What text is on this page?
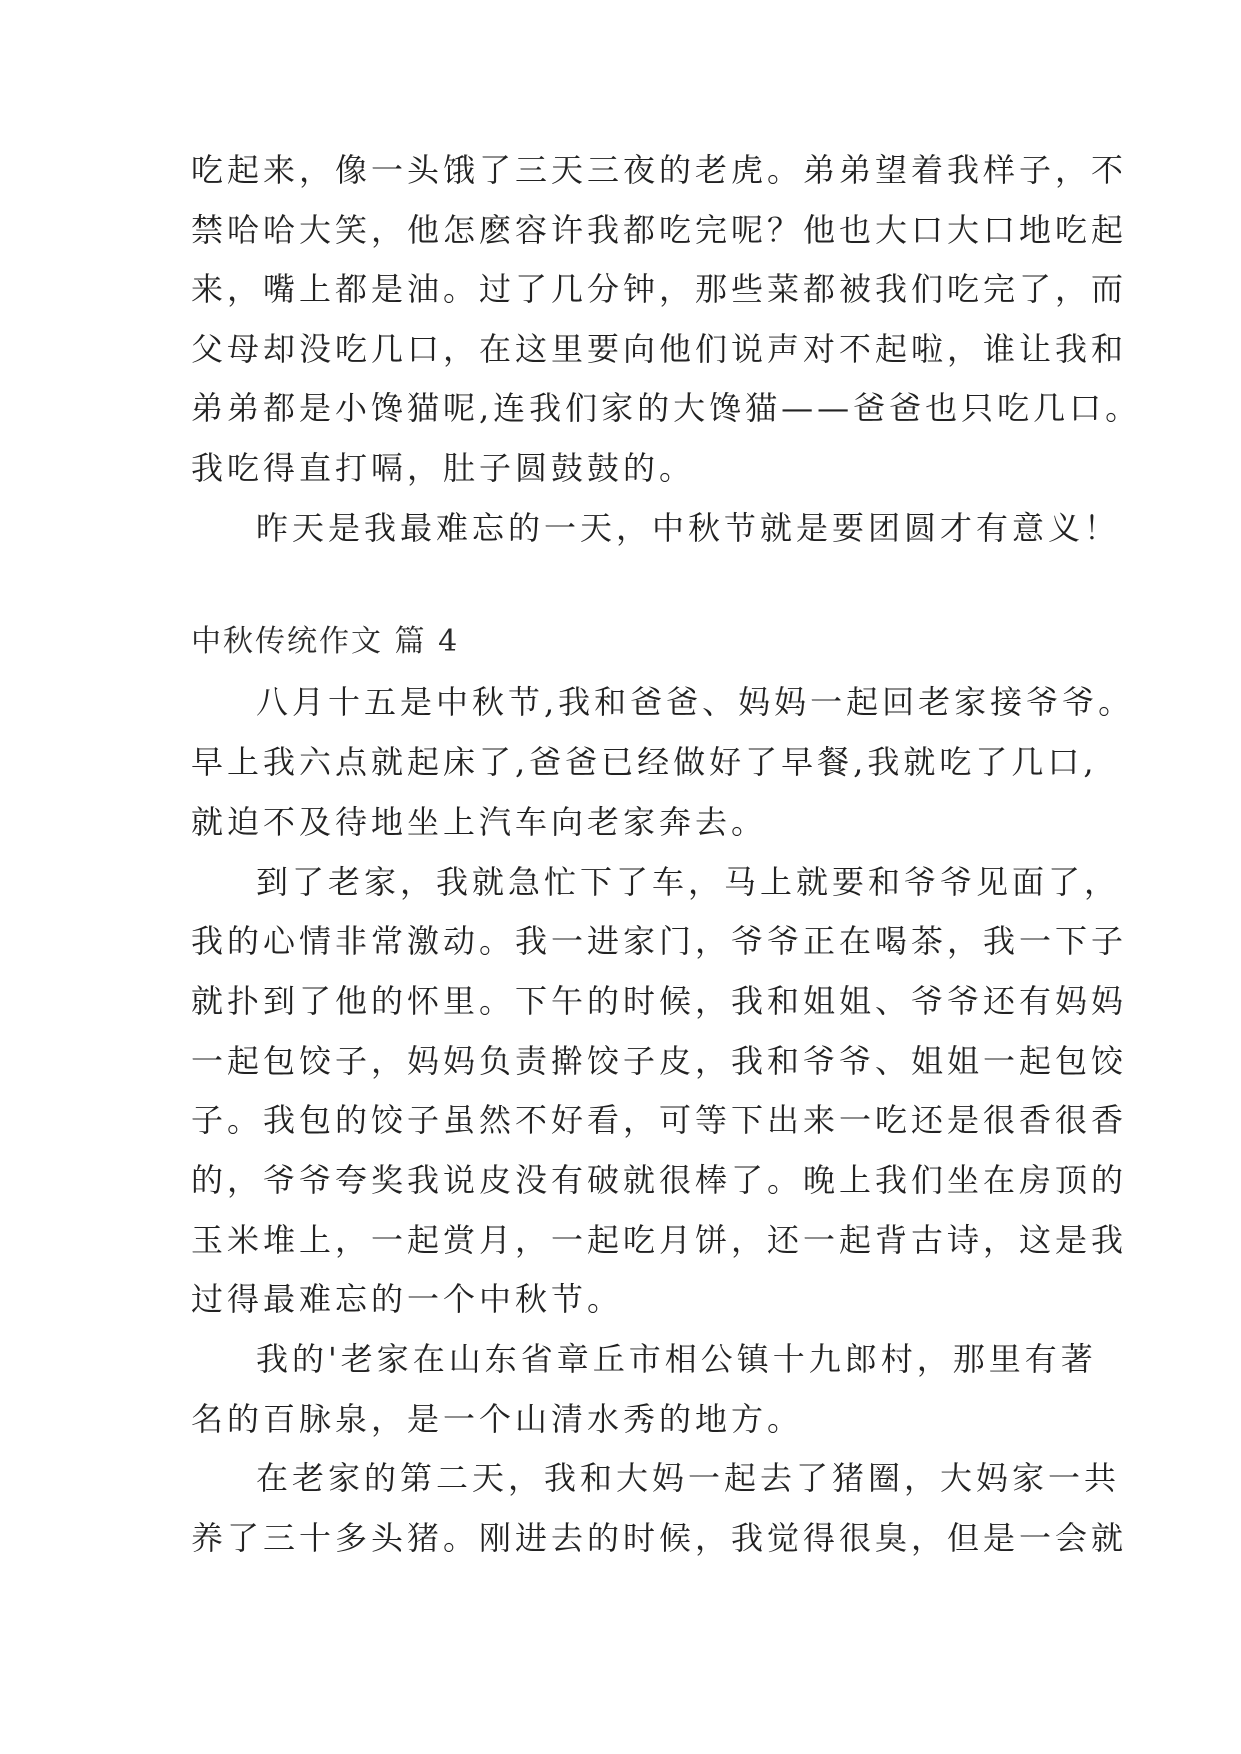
吃起来，像一头饿了三天三夜的老虎。弟弟望着我样子，不
禁哈哈大笑，他怎麽容许我都吃完呢？他也大口大口地吃起
来，嘴上都是油。过了几分钟，那些菜都被我们吃完了，而
父母却没吃几口，在这里要向他们说声对不起啦，谁让我和
弟弟都是小馋猫呢,连我们家的大馋猫——爸爸也只吃几口。
我吃得直打嗝，肚子圆鼓鼓的。
昨天是我最难忘的一天，中秋节就是要团圆才有意义！
中秋传统作文 篇 4
八月十五是中秋节,我和爸爸、妈妈一起回老家接爷爷。
早上我六点就起床了,爸爸已经做好了早餐,我就吃了几口,
就迫不及待地坐上汽车向老家奔去。
到了老家，我就急忙下了车，马上就要和爷爷见面了，
我的心情非常激动。我一进家门，爷爷正在喝茶，我一下子
就扑到了他的怀里。下午的时候，我和姐姐、爷爷还有妈妈
一起包饺子，妈妈负责擀饺子皮，我和爷爷、姐姐一起包饺
子。我包的饺子虽然不好看，可等下出来一吃还是很香很香
的，爷爷夸奖我说皮没有破就很棒了。晚上我们坐在房顶的
玉米堆上，一起赏月，一起吃月饼，还一起背古诗，这是我
过得最难忘的一个中秋节。
我的'老家在山东省章丘市相公镇十九郎村，那里有著
名的百脉泉，是一个山清水秀的地方。
在老家的第二天，我和大妈一起去了猪圈，大妈家一共
养了三十多头猪。刚进去的时候，我觉得很臭，但是一会就
